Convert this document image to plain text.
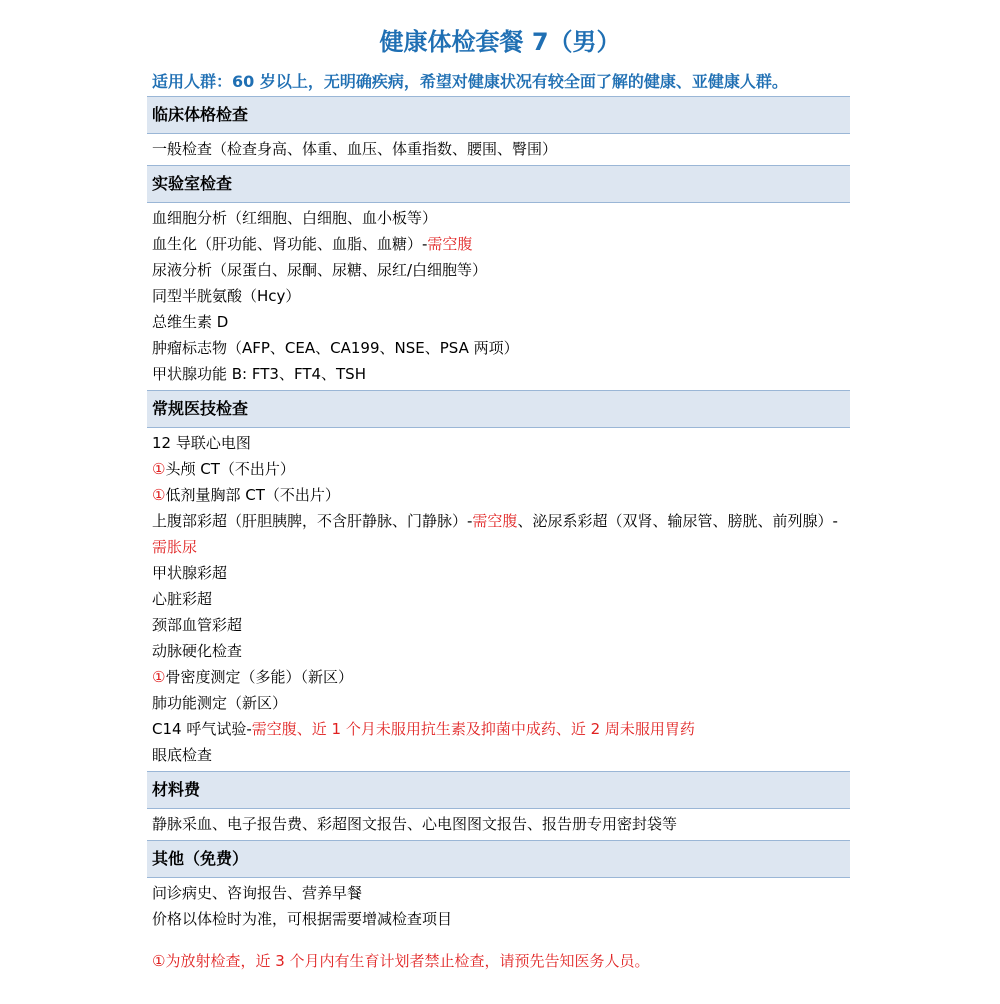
健康体检套餐 7（男）
适用人群：60 岁以上，无明确疾病，希望对健康状况有较全面了解的健康、亚健康人群。
临床体格检查
一般检查（检查身高、体重、血压、体重指数、腰围、臀围）
实验室检查
血细胞分析（红细胞、白细胞、血小板等）
血生化（肝功能、肾功能、血脂、血糖）-需空腹
尿液分析（尿蛋白、尿酮、尿糖、尿红/白细胞等）
同型半胱氨酸（Hcy）
总维生素 D
肿瘤标志物（AFP、CEA、CA199、NSE、PSA 两项）
甲状腺功能 B: FT3、FT4、TSH
常规医技检查
12 导联心电图
①头颅 CT（不出片）
①低剂量胸部 CT（不出片）
上腹部彩超（肝胆胰脾，不含肝静脉、门静脉）-需空腹、泌尿系彩超（双肾、输尿管、膀胱、前列腺）-需胀尿
甲状腺彩超
心脏彩超
颈部血管彩超
动脉硬化检查
①骨密度测定（多能）（新区）
肺功能测定（新区）
C14 呼气试验-需空腹、近 1 个月未服用抗生素及抑菌中成药、近 2 周未服用胃药
眼底检查
材料费
静脉采血、电子报告费、彩超图文报告、心电图图文报告、报告册专用密封袋等
其他（免费）
问诊病史、咨询报告、营养早餐
价格以体检时为准，可根据需要增减检查项目
①为放射检查，近 3 个月内有生育计划者禁止检查，请预先告知医务人员。
